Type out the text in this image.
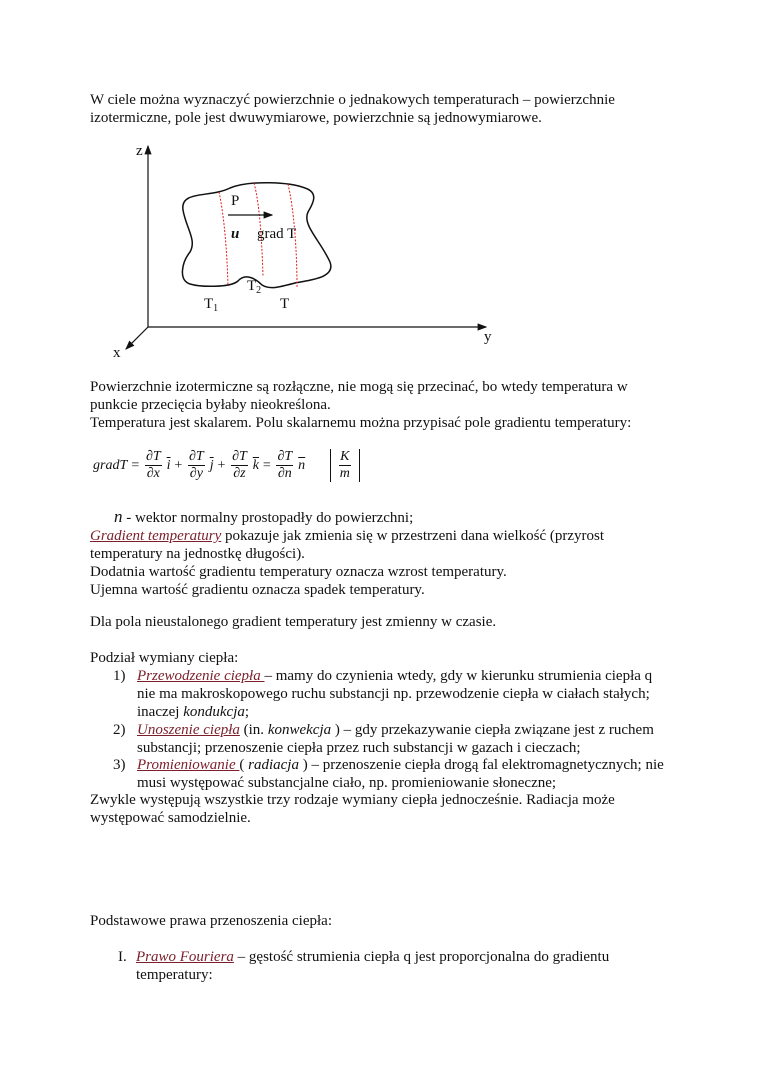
W ciele można wyznaczyć powierzchnie o jednakowych temperaturach – powierzchnie
izotermiczne, pole jest dwuwymiarowe, powierzchnie są jednowymiarowe.
z
y
x
P
u grad T
$T_2$
$T_1$	T
Powierzchnie izotermiczne są rozłączne, nie mogą się przecinać, bo wtedy temperatura w
punkcie przecięcia byłaby nieokreślona.
Temperatura jest skalarem. Polu skalarnemu można przypisać pole gradientu temperatury:
gradT = $\frac{\partial T}{\partial x} \overline{i} + \frac{\partial T}{\partial y} \overline{j} + \frac{\partial T}{\partial z} \overline{k} = \frac{\partial T}{\partial n} \overline{n} \frac{K}{m}$
n - wektor normalny prostopadły do powierzchni;
Gradient temperatury pokazuje jak zmienia się w przestrzeni dana wielkość (przyrost
temperatury na jednostkę długości).
Dodatnia wartość gradientu temperatury oznacza wzrost temperatury.
Ujemna wartość gradientu oznacza spadek temperatury.
Dla pola nieustalonego gradient temperatury jest zmienny w czasie.
Podział wymiany ciepła:
1) Przewodzenie ciepła – mamy do czynienia wtedy, gdy w kierunku strumienia ciepła q nie ma makroskopowego ruchu substancji np. przewodzenie ciepła w ciałach stałych; inaczej kondukcja;
2) Unoszenie ciepła (in. konwekcja ) – gdy przekazywanie ciepła związane jest z ruchem substancji; przenoszenie ciepła przez ruch substancji w gazach i cieczach;
3) Promieniowanie ( radiacja ) – przenoszenie ciepła drogą fal elektromagnetycznych; nie musi występować substancjalne ciało, np. promieniowanie słoneczne;
Zwykle występują wszystkie trzy rodzaje wymiany ciepła jednocześnie. Radiacja może
występować samodzielnie.
Podstawowe prawa przenoszenia ciepła:
I. Prawo Fouriera – gęstość strumienia ciepła q jest proporcjonalna do gradientu
temperatury:
